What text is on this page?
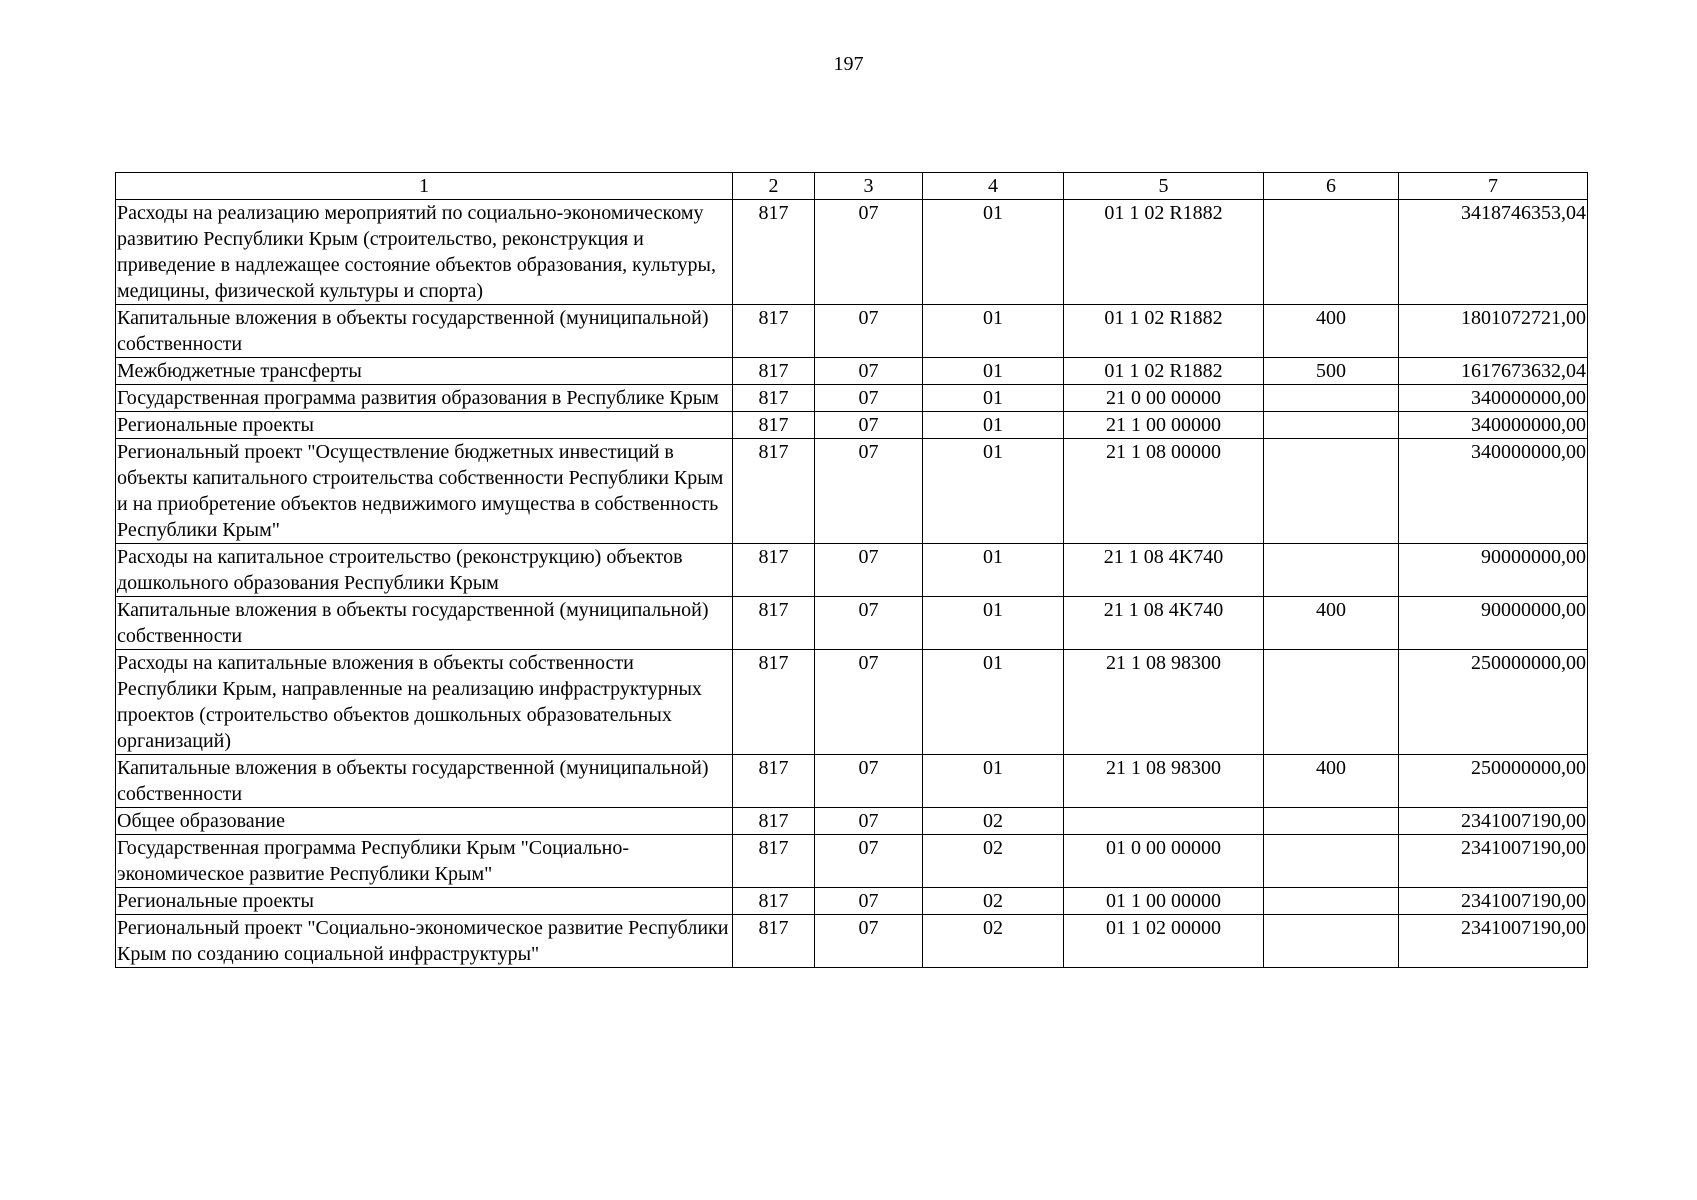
197
1	2	3	4	5	6	7
Расходы на реализацию мероприятий по социально-экономическому развитию Республики Крым (строительство, реконструкция и приведение в надлежащее состояние объектов образования, культуры, медицины, физической культуры и спорта)	817	07	01	01 1 02 R1882		3418746353,04
Капитальные вложения в объекты государственной (муниципальной) собственности	817	07	01	01 1 02 R1882	400	1801072721,00
Межбюджетные трансферты	817	07	01	01 1 02 R1882	500	1617673632,04
Государственная программа развития образования в Республике Крым	817	07	01	21 0 00 00000		340000000,00
Региональные проекты	817	07	01	21 1 00 00000		340000000,00
Региональный проект "Осуществление бюджетных инвестиций в объекты капитального строительства собственности Республики Крым и на приобретение объектов недвижимого имущества в собственность Республики Крым"	817	07	01	21 1 08 00000		340000000,00
Расходы на капитальное строительство (реконструкцию) объектов дошкольного образования Республики Крым	817	07	01	21 1 08 4K740		90000000,00
Капитальные вложения в объекты государственной (муниципальной) собственности	817	07	01	21 1 08 4K740	400	90000000,00
Расходы на капитальные вложения в объекты собственности Республики Крым, направленные на реализацию инфраструктурных проектов (строительство объектов дошкольных образовательных организаций)	817	07	01	21 1 08 98300		250000000,00
Капитальные вложения в объекты государственной (муниципальной) собственности	817	07	01	21 1 08 98300	400	250000000,00
Общее образование	817	07	02			2341007190,00
Государственная программа Республики Крым "Социально-экономическое развитие Республики Крым"	817	07	02	01 0 00 00000		2341007190,00
Региональные проекты	817	07	02	01 1 00 00000		2341007190,00
Региональный проект "Социально-экономическое развитие Республики Крым по созданию социальной инфраструктуры"	817	07	02	01 1 02 00000		2341007190,00
